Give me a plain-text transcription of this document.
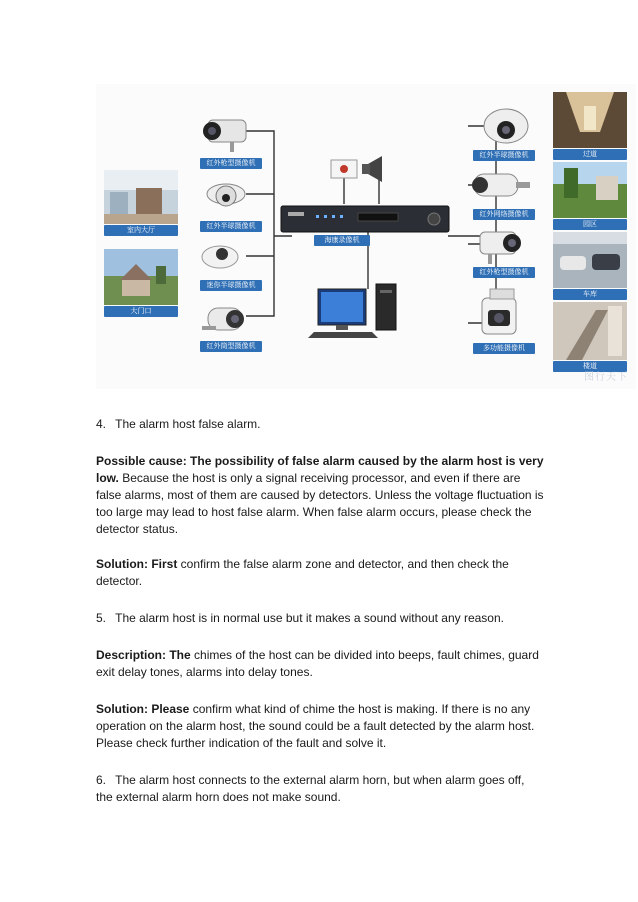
红外枪型摄像机
红外半球摄像机
迷你半球摄像机
红外筒型摄像机
红外半球摄像机
红外网络摄像机
红外枪型摄像机
多功能摄像机
海康录像机
室内大厅
大门口
过道
园区
车库
楼道
图行天下
4. The alarm host false alarm.
Possible cause: The possibility of false alarm caused by the alarm host is very low. Because the host is only a signal receiving processor, and even if there are false alarms, most of them are caused by detectors. Unless the voltage fluctuation is too large may lead to host false alarm. When false alarm occurs, please check the detector status.
Solution: First confirm the false alarm zone and detector, and then check the detector.
5. The alarm host is in normal use but it makes a sound without any reason.
Description: The chimes of the host can be divided into beeps, fault chimes, guard exit delay tones, alarms into delay tones.
Solution: Please confirm what kind of chime the host is making. If there is no any operation on the alarm host, the sound could be a fault detected by the alarm host. Please check further indication of the fault and solve it.
6. The alarm host connects to the external alarm horn, but when alarm goes off, the external alarm horn does not make sound.
